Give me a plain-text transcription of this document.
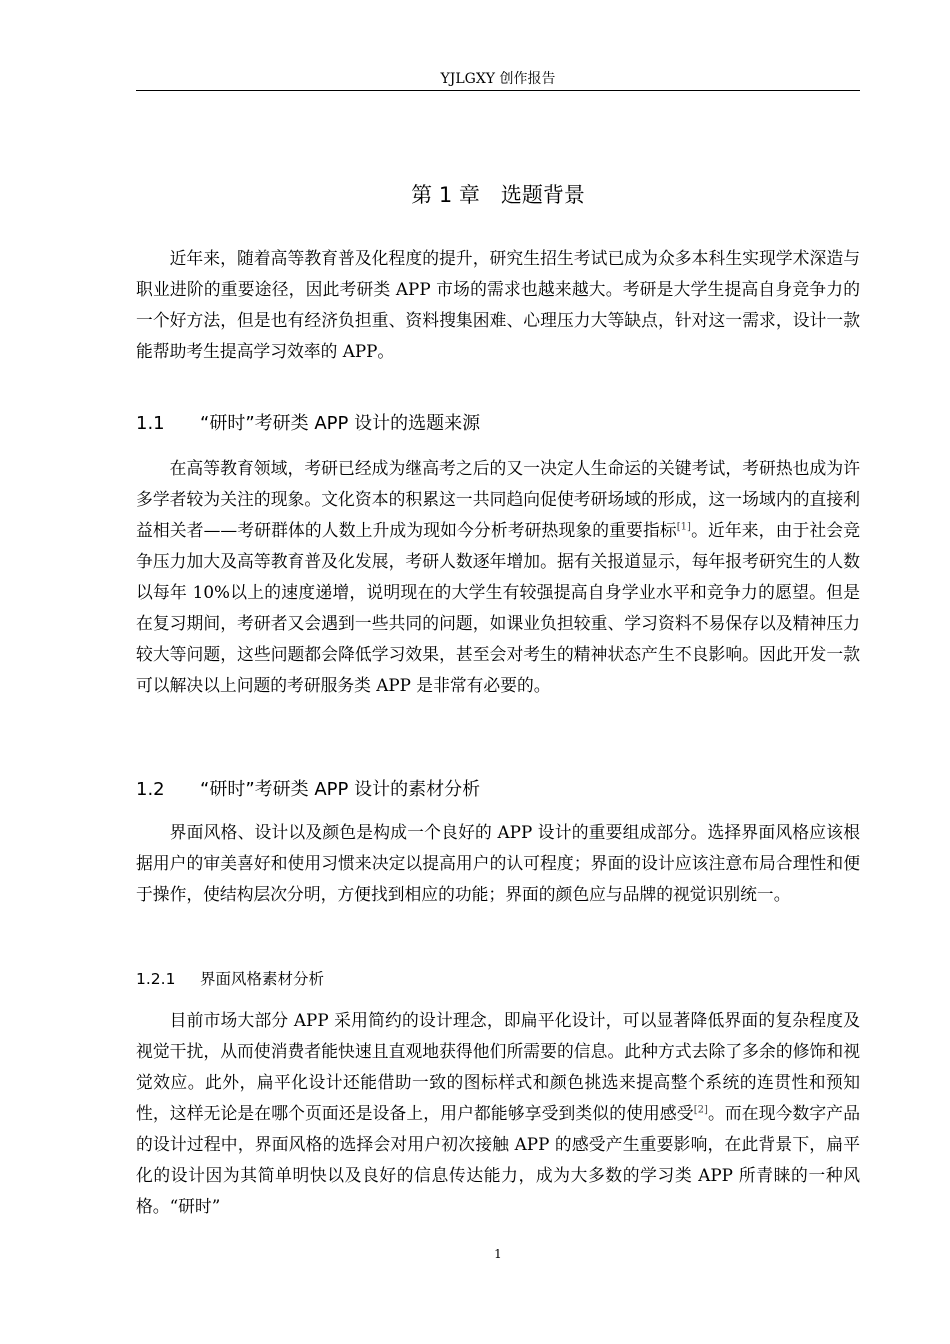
YJLGXY 创作报告
第 1 章　选题背景

近年来，随着高等教育普及化程度的提升，研究生招生考试已成为众多本科生实现学术深造与职业进阶的重要途径，因此考研类 APP 市场的需求也越来越大。考研是大学生提高自身竞争力的一个好方法，但是也有经济负担重、资料搜集困难、心理压力大等缺点，针对这一需求，设计一款能帮助考生提高学习效率的 APP。

1.1 “研时”考研类 APP 设计的选题来源

在高等教育领域，考研已经成为继高考之后的又一决定人生命运的关键考试，考研热也成为许多学者较为关注的现象。文化资本的积累这一共同趋向促使考研场域的形成，这一场域内的直接利益相关者——考研群体的人数上升成为现如今分析考研热现象的重要指标[1]。近年来，由于社会竞争压力加大及高等教育普及化发展，考研人数逐年增加。据有关报道显示，每年报考研究生的人数以每年 10%以上的速度递增，说明现在的大学生有较强提高自身学业水平和竞争力的愿望。但是在复习期间，考研者又会遇到一些共同的问题，如课业负担较重、学习资料不易保存以及精神压力较大等问题，这些问题都会降低学习效果，甚至会对考生的精神状态产生不良影响。因此开发一款可以解决以上问题的考研服务类 APP 是非常有必要的。

1.2 “研时”考研类 APP 设计的素材分析

界面风格、设计以及颜色是构成一个良好的 APP 设计的重要组成部分。选择界面风格应该根据用户的审美喜好和使用习惯来决定以提高用户的认可程度；界面的设计应该注意布局合理性和便于操作，使结构层次分明，方便找到相应的功能；界面的颜色应与品牌的视觉识别统一。

1.2.1 界面风格素材分析

目前市场大部分 APP 采用简约的设计理念，即扁平化设计，可以显著降低界面的复杂程度及视觉干扰，从而使消费者能快速且直观地获得他们所需要的信息。此种方式去除了多余的修饰和视觉效应。此外，扁平化设计还能借助一致的图标样式和颜色挑选来提高整个系统的连贯性和预知性，这样无论是在哪个页面还是设备上，用户都能够享受到类似的使用感受[2]。而在现今数字产品的设计过程中，界面风格的选择会对用户初次接触 APP 的感受产生重要影响，在此背景下，扁平化的设计因为其简单明快以及良好的信息传达能力，成为大多数的学习类 APP 所青睐的一种风格。“研时”

1
